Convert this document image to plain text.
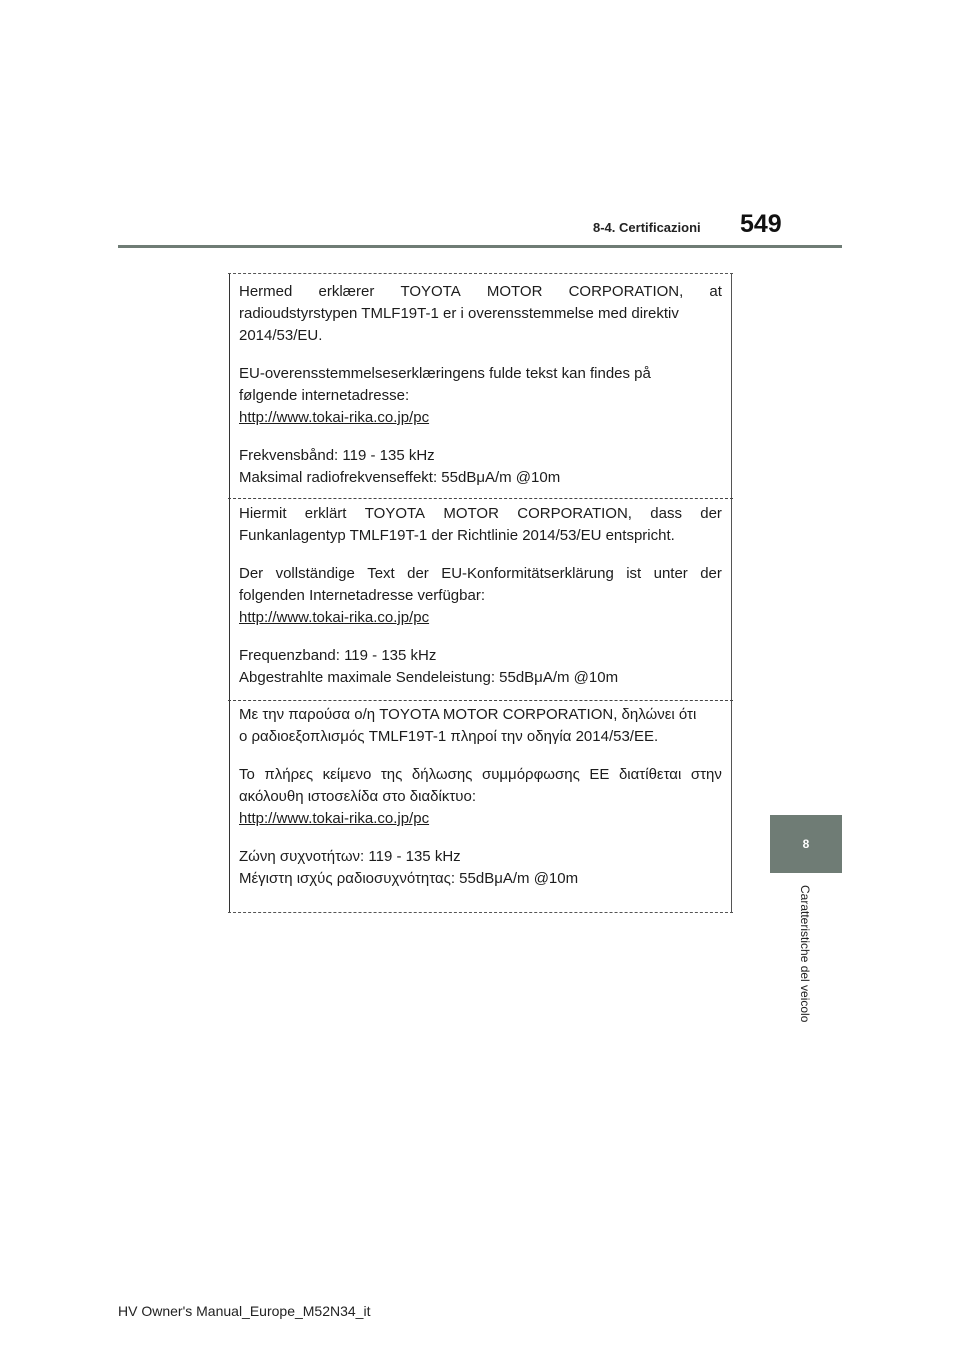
8-4. Certificazioni 549
8
Caratteristiche del veicolo
Hermed erklærer TOYOTA MOTOR CORPORATION, at
radioudstyrstypen TMLF19T-1 er i overensstemmelse med direktiv
2014/53/EU.
EU-overensstemmelseserklæringens fulde tekst kan findes på
følgende internetadresse:
http://www.tokai-rika.co.jp/pc
Frekvensbånd: 119 - 135 kHz
Maksimal radiofrekvenseffekt: 55dBμA/m @10m
Hiermit erklärt TOYOTA MOTOR CORPORATION, dass der
Funkanlagentyp TMLF19T-1 der Richtlinie 2014/53/EU entspricht.
Der vollständige Text der EU-Konformitätserklärung ist unter der
folgenden Internetadresse verfügbar:
http://www.tokai-rika.co.jp/pc
Frequenzband: 119 - 135 kHz
Abgestrahlte maximale Sendeleistung: 55dBμA/m @10m
Με την παρούσα ο/η TOYOTA MOTOR CORPORATION, δηλώνει ότι
ο ραδιοεξοπλισμός TMLF19T-1 πληροί την οδηγία 2014/53/ΕΕ.
Το πλήρες κείμενο της δήλωσης συμμόρφωσης ΕΕ διατίθεται στην
ακόλουθη ιστοσελίδα στο διαδίκτυο:
http://www.tokai-rika.co.jp/pc
Ζώνη συχνοτήτων: 119 - 135 kHz
Μέγιστη ισχύς ραδιοσυχνότητας: 55dBμA/m @10m
HV Owner's Manual_Europe_M52N34_it
